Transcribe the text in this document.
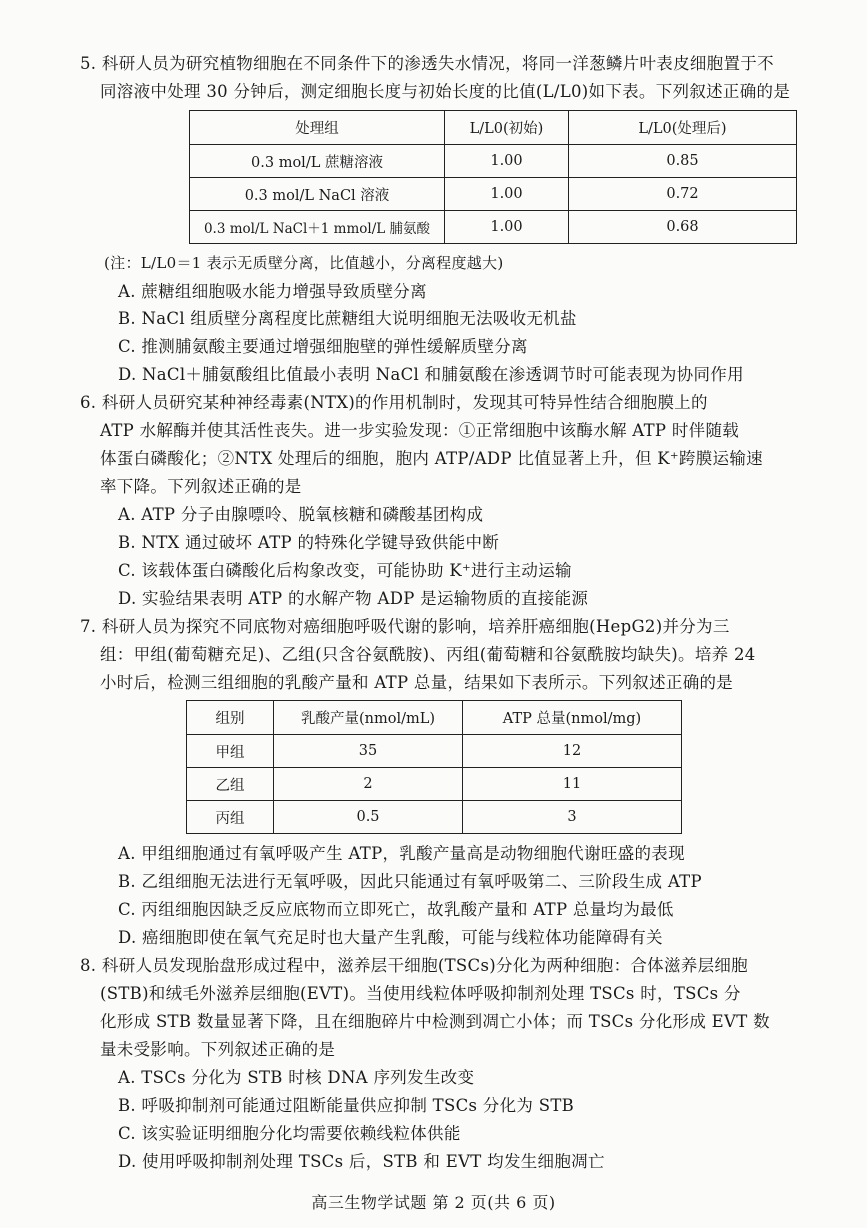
5. 科研人员为研究植物细胞在不同条件下的渗透失水情况，将同一洋葱鳞片叶表皮细胞置于不
同溶液中处理 30 分钟后，测定细胞长度与初始长度的比值(L/L0)如下表。下列叙述正确的是
处理组	L/L0(初始)	L/L0(处理后)
0.3 mol/L 蔗糖溶液	1.00	0.85
0.3 mol/L NaCl 溶液	1.00	0.72
0.3 mol/L NaCl＋1 mmol/L 脯氨酸	1.00	0.68
(注：L/L0＝1 表示无质壁分离，比值越小，分离程度越大)
A. 蔗糖组细胞吸水能力增强导致质壁分离
B. NaCl 组质壁分离程度比蔗糖组大说明细胞无法吸收无机盐
C. 推测脯氨酸主要通过增强细胞壁的弹性缓解质壁分离
D. NaCl＋脯氨酸组比值最小表明 NaCl 和脯氨酸在渗透调节时可能表现为协同作用
6. 科研人员研究某种神经毒素(NTX)的作用机制时，发现其可特异性结合细胞膜上的
ATP 水解酶并使其活性丧失。进一步实验发现：①正常细胞中该酶水解 ATP 时伴随载
体蛋白磷酸化；②NTX 处理后的细胞，胞内 ATP/ADP 比值显著上升，但 K⁺跨膜运输速
率下降。下列叙述正确的是
A. ATP 分子由腺嘌呤、脱氧核糖和磷酸基团构成
B. NTX 通过破坏 ATP 的特殊化学键导致供能中断
C. 该载体蛋白磷酸化后构象改变，可能协助 K⁺进行主动运输
D. 实验结果表明 ATP 的水解产物 ADP 是运输物质的直接能源
7. 科研人员为探究不同底物对癌细胞呼吸代谢的影响，培养肝癌细胞(HepG2)并分为三
组：甲组(葡萄糖充足)、乙组(只含谷氨酰胺)、丙组(葡萄糖和谷氨酰胺均缺失)。培养 24
小时后，检测三组细胞的乳酸产量和 ATP 总量，结果如下表所示。下列叙述正确的是
组别	乳酸产量(nmol/mL)	ATP 总量(nmol/mg)
甲组	35	12
乙组	2	11
丙组	0.5	3
A. 甲组细胞通过有氧呼吸产生 ATP，乳酸产量高是动物细胞代谢旺盛的表现
B. 乙组细胞无法进行无氧呼吸，因此只能通过有氧呼吸第二、三阶段生成 ATP
C. 丙组细胞因缺乏反应底物而立即死亡，故乳酸产量和 ATP 总量均为最低
D. 癌细胞即使在氧气充足时也大量产生乳酸，可能与线粒体功能障碍有关
8. 科研人员发现胎盘形成过程中，滋养层干细胞(TSCs)分化为两种细胞：合体滋养层细胞
(STB)和绒毛外滋养层细胞(EVT)。当使用线粒体呼吸抑制剂处理 TSCs 时，TSCs 分
化形成 STB 数量显著下降，且在细胞碎片中检测到凋亡小体；而 TSCs 分化形成 EVT 数
量未受影响。下列叙述正确的是
A. TSCs 分化为 STB 时核 DNA 序列发生改变
B. 呼吸抑制剂可能通过阻断能量供应抑制 TSCs 分化为 STB
C. 该实验证明细胞分化均需要依赖线粒体供能
D. 使用呼吸抑制剂处理 TSCs 后，STB 和 EVT 均发生细胞凋亡
高三生物学试题 第 2 页(共 6 页)
